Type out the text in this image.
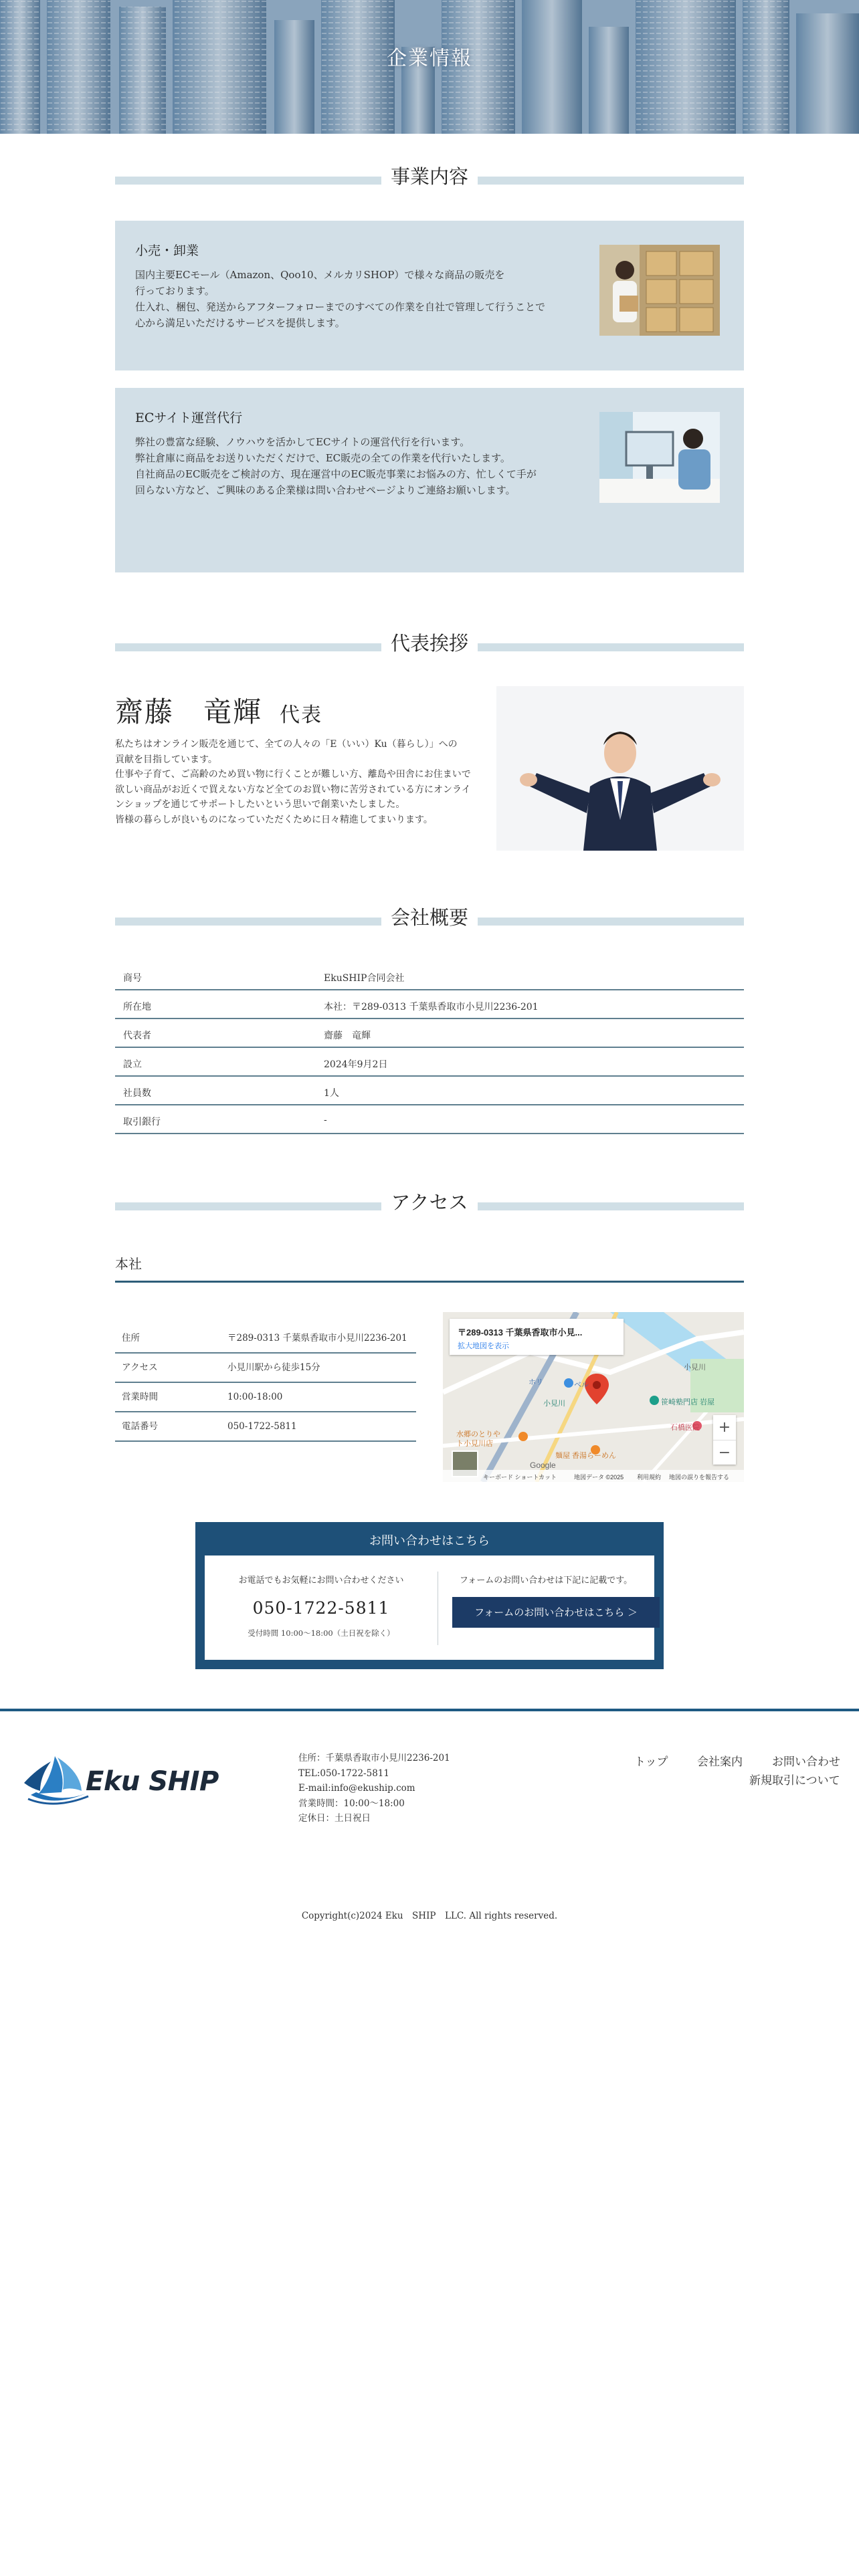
企業情報
事業内容
小売・卸業

国内主要ECモール（Amazon、Qoo10、メルカリSHOP）で様々な商品の販売を
行っております。
仕入れ、梱包、発送からアフターフォローまでのすべての作業を自社で管理して行うことで
心から満足いただけるサービスを提供します。

ECサイト運営代行

弊社の豊富な経験、ノウハウを活かしてECサイトの運営代行を行います。
弊社倉庫に商品をお送りいただくだけで、EC販売の全ての作業を代行いたします。
自社商品のEC販売をご検討の方、現在運営中のEC販売事業にお悩みの方、忙しくて手が
回らない方など、ご興味のある企業様は問い合わせページよりご連絡お願いします。

代表挨拶
齋藤　竜輝 代表
私たちはオンライン販売を通じて、全ての人々の「E（いい）Ku（暮らし）」への
貢献を目指しています。
仕事や子育て、ご高齢のため買い物に行くことが難しい方、離島や田舎にお住まいで
欲しい商品がお近くで買えない方など全てのお買い物に苦労されている方にオンライ
ンショップを通じてサポートしたいという思いで創業いたしました。
皆様の暮らしが良いものになっていただくために日々精進してまいります。
会社概要
商号	EkuSHIP合同会社
所在地	本社：〒289-0313 千葉県香取市小見川2236-201
代表者	齋藤　竜輝
設立	2024年9月2日
社員数	1人
取引銀行	-
アクセス
本社
住所	〒289-0313 千葉県香取市小見川2236-201
アクセス	小見川駅から徒歩15分
営業時間	10:00-18:00
電話番号	050-1722-5811
〒289-0313 千葉県香取市小見...
拡大地図を表示
ホリ
小見川
ベル
小見川	笹崎塾門店 岩屋
石橋医院
水郷のとりや
ト小見川店
麺屋 香湯らーめん
Google
キーボード ショートカット	地図データ ©2025 利用規約 地図の誤りを報告する
+
−
お問い合わせはこちら
お電話でもお気軽にお問い合わせください
050-1722-5811
受付時間 10:00～18:00（土日祝を除く）
フォームのお問い合わせは下記に記載です。
フォームのお問い合わせはこちら ＞
Eku SHIP
住所：千葉県香取市小見川2236-201
TEL:050-1722-5811
E-mail:info@ekuship.com
営業時間：10:00～18:00
定休日：土日祝日
トップ	会社案内	お問い合わせ
新規取引について
Copyright(c)2024 Eku　SHIP　LLC. All rights reserved.
